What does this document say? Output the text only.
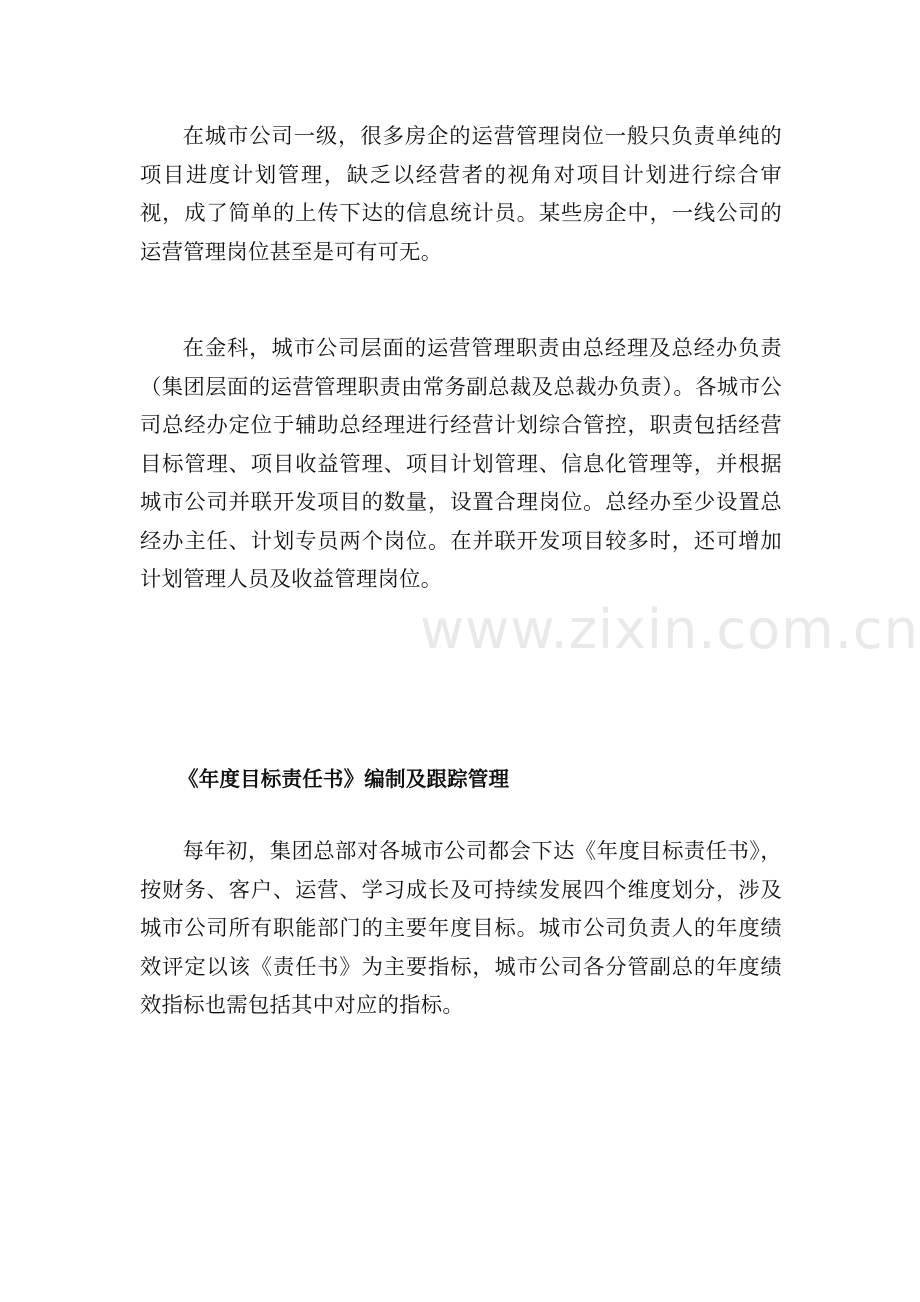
在城市公司一级，很多房企的运营管理岗位一般只负责单纯的项目进度计划管理，缺乏以经营者的视角对项目计划进行综合审视，成了简单的上传下达的信息统计员。某些房企中，一线公司的运营管理岗位甚至是可有可无。

在金科，城市公司层面的运营管理职责由总经理及总经办负责（集团层面的运营管理职责由常务副总裁及总裁办负责）。各城市公司总经办定位于辅助总经理进行经营计划综合管控，职责包括经营目标管理、项目收益管理、项目计划管理、信息化管理等，并根据城市公司并联开发项目的数量，设置合理岗位。总经办至少设置总经办主任、计划专员两个岗位。在并联开发项目较多时，还可增加计划管理人员及收益管理岗位。

《年度目标责任书》编制及跟踪管理

每年初，集团总部对各城市公司都会下达《年度目标责任书》，按财务、客户、运营、学习成长及可持续发展四个维度划分，涉及城市公司所有职能部门的主要年度目标。城市公司负责人的年度绩效评定以该《责任书》为主要指标，城市公司各分管副总的年度绩效指标也需包括其中对应的指标。

www.zixin.com.cn
